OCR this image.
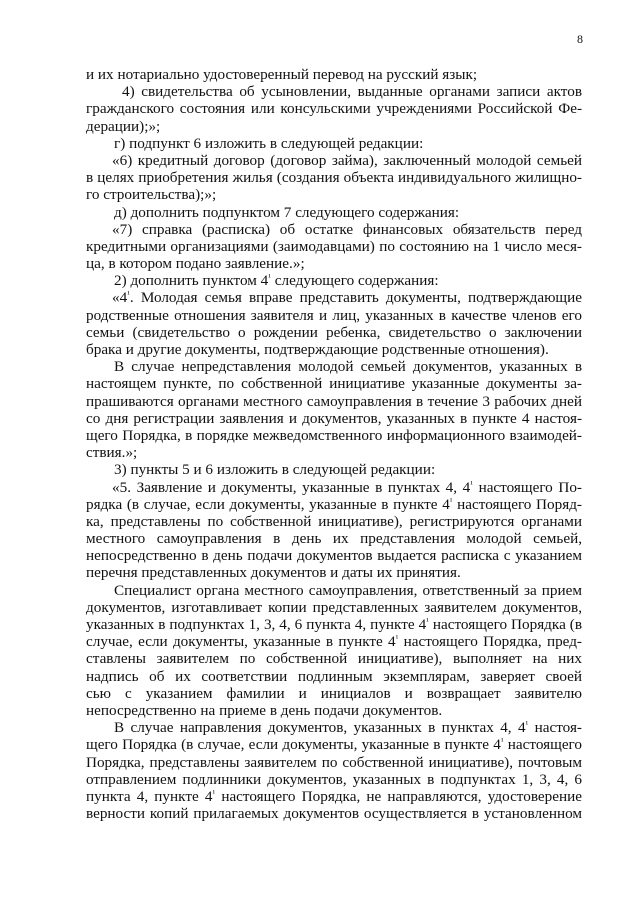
8
и их нотариально удостоверенный перевод на русский язык;
4) свидетельства об усыновлении, выданные органами записи актов
гражданского состояния или консульскими учреждениями Российской Фе-
дерации);»;
г) подпункт 6 изложить в следующей редакции:
«6) кредитный договор (договор займа), заключенный молодой семьей
в целях приобретения жилья (создания объекта индивидуального жилищно-
го строительства);»;
д) дополнить подпунктом 7 следующего содержания:
«7) справка (расписка) об остатке финансовых обязательств перед
кредитными организациями (заимодавцами) по состоянию на 1 число меся-
ца, в котором подано заявление.»;
2) дополнить пунктом $4^{^1}$ следующего содержания:
«$4^{^1}$. Молодая семья вправе представить документы, подтверждающие
родственные отношения заявителя и лиц, указанных в качестве членов его
семьи (свидетельство о рождении ребенка, свидетельство о заключении
брака и другие документы, подтверждающие родственные отношения).
В случае непредставления молодой семьей документов, указанных в
настоящем пункте, по собственной инициативе указанные документы за-
прашиваются органами местного самоуправления в течение 3 рабочих дней
со дня регистрации заявления и документов, указанных в пункте 4 настоя-
щего Порядка, в порядке межведомственного информационного взаимодей-
ствия.»;
3) пункты 5 и 6 изложить в следующей редакции:
«5. Заявление и документы, указанные в пунктах 4, $4^{^1}$ настоящего По-
рядка (в случае, если документы, указанные в пункте $4^{^1}$ настоящего Поряд-
ка, представлены по собственной инициативе), регистрируются органами
местного самоуправления в день их представления молодой семьей,
непосредственно в день подачи документов выдается расписка с указанием
перечня представленных документов и даты их принятия.
Специалист органа местного самоуправления, ответственный за прием
документов, изготавливает копии представленных заявителем документов,
указанных в подпунктах 1, 3, 4, 6 пункта 4, пункте $4^{^1}$ настоящего Порядка (в
случае, если документы, указанные в пункте $4^{^1}$ настоящего Порядка, пред-
ставлены заявителем по собственной инициативе), выполняет на них
надпись об их соответствии подлинным экземплярам, заверяет своей
сью с указанием фамилии и инициалов и возвращает заявителю
непосредственно на приеме в день подачи документов.
В случае направления документов, указанных в пунктах 4, $4^{^1}$ настоя-
щего Порядка (в случае, если документы, указанные в пункте $4^{^1}$ настоящего
Порядка, представлены заявителем по собственной инициативе), почтовым
отправлением подлинники документов, указанных в подпунктах 1, 3, 4, 6
пункта 4, пункте $4^{^1}$ настоящего Порядка, не направляются, удостоверение
верности копий прилагаемых документов осуществляется в установленном
